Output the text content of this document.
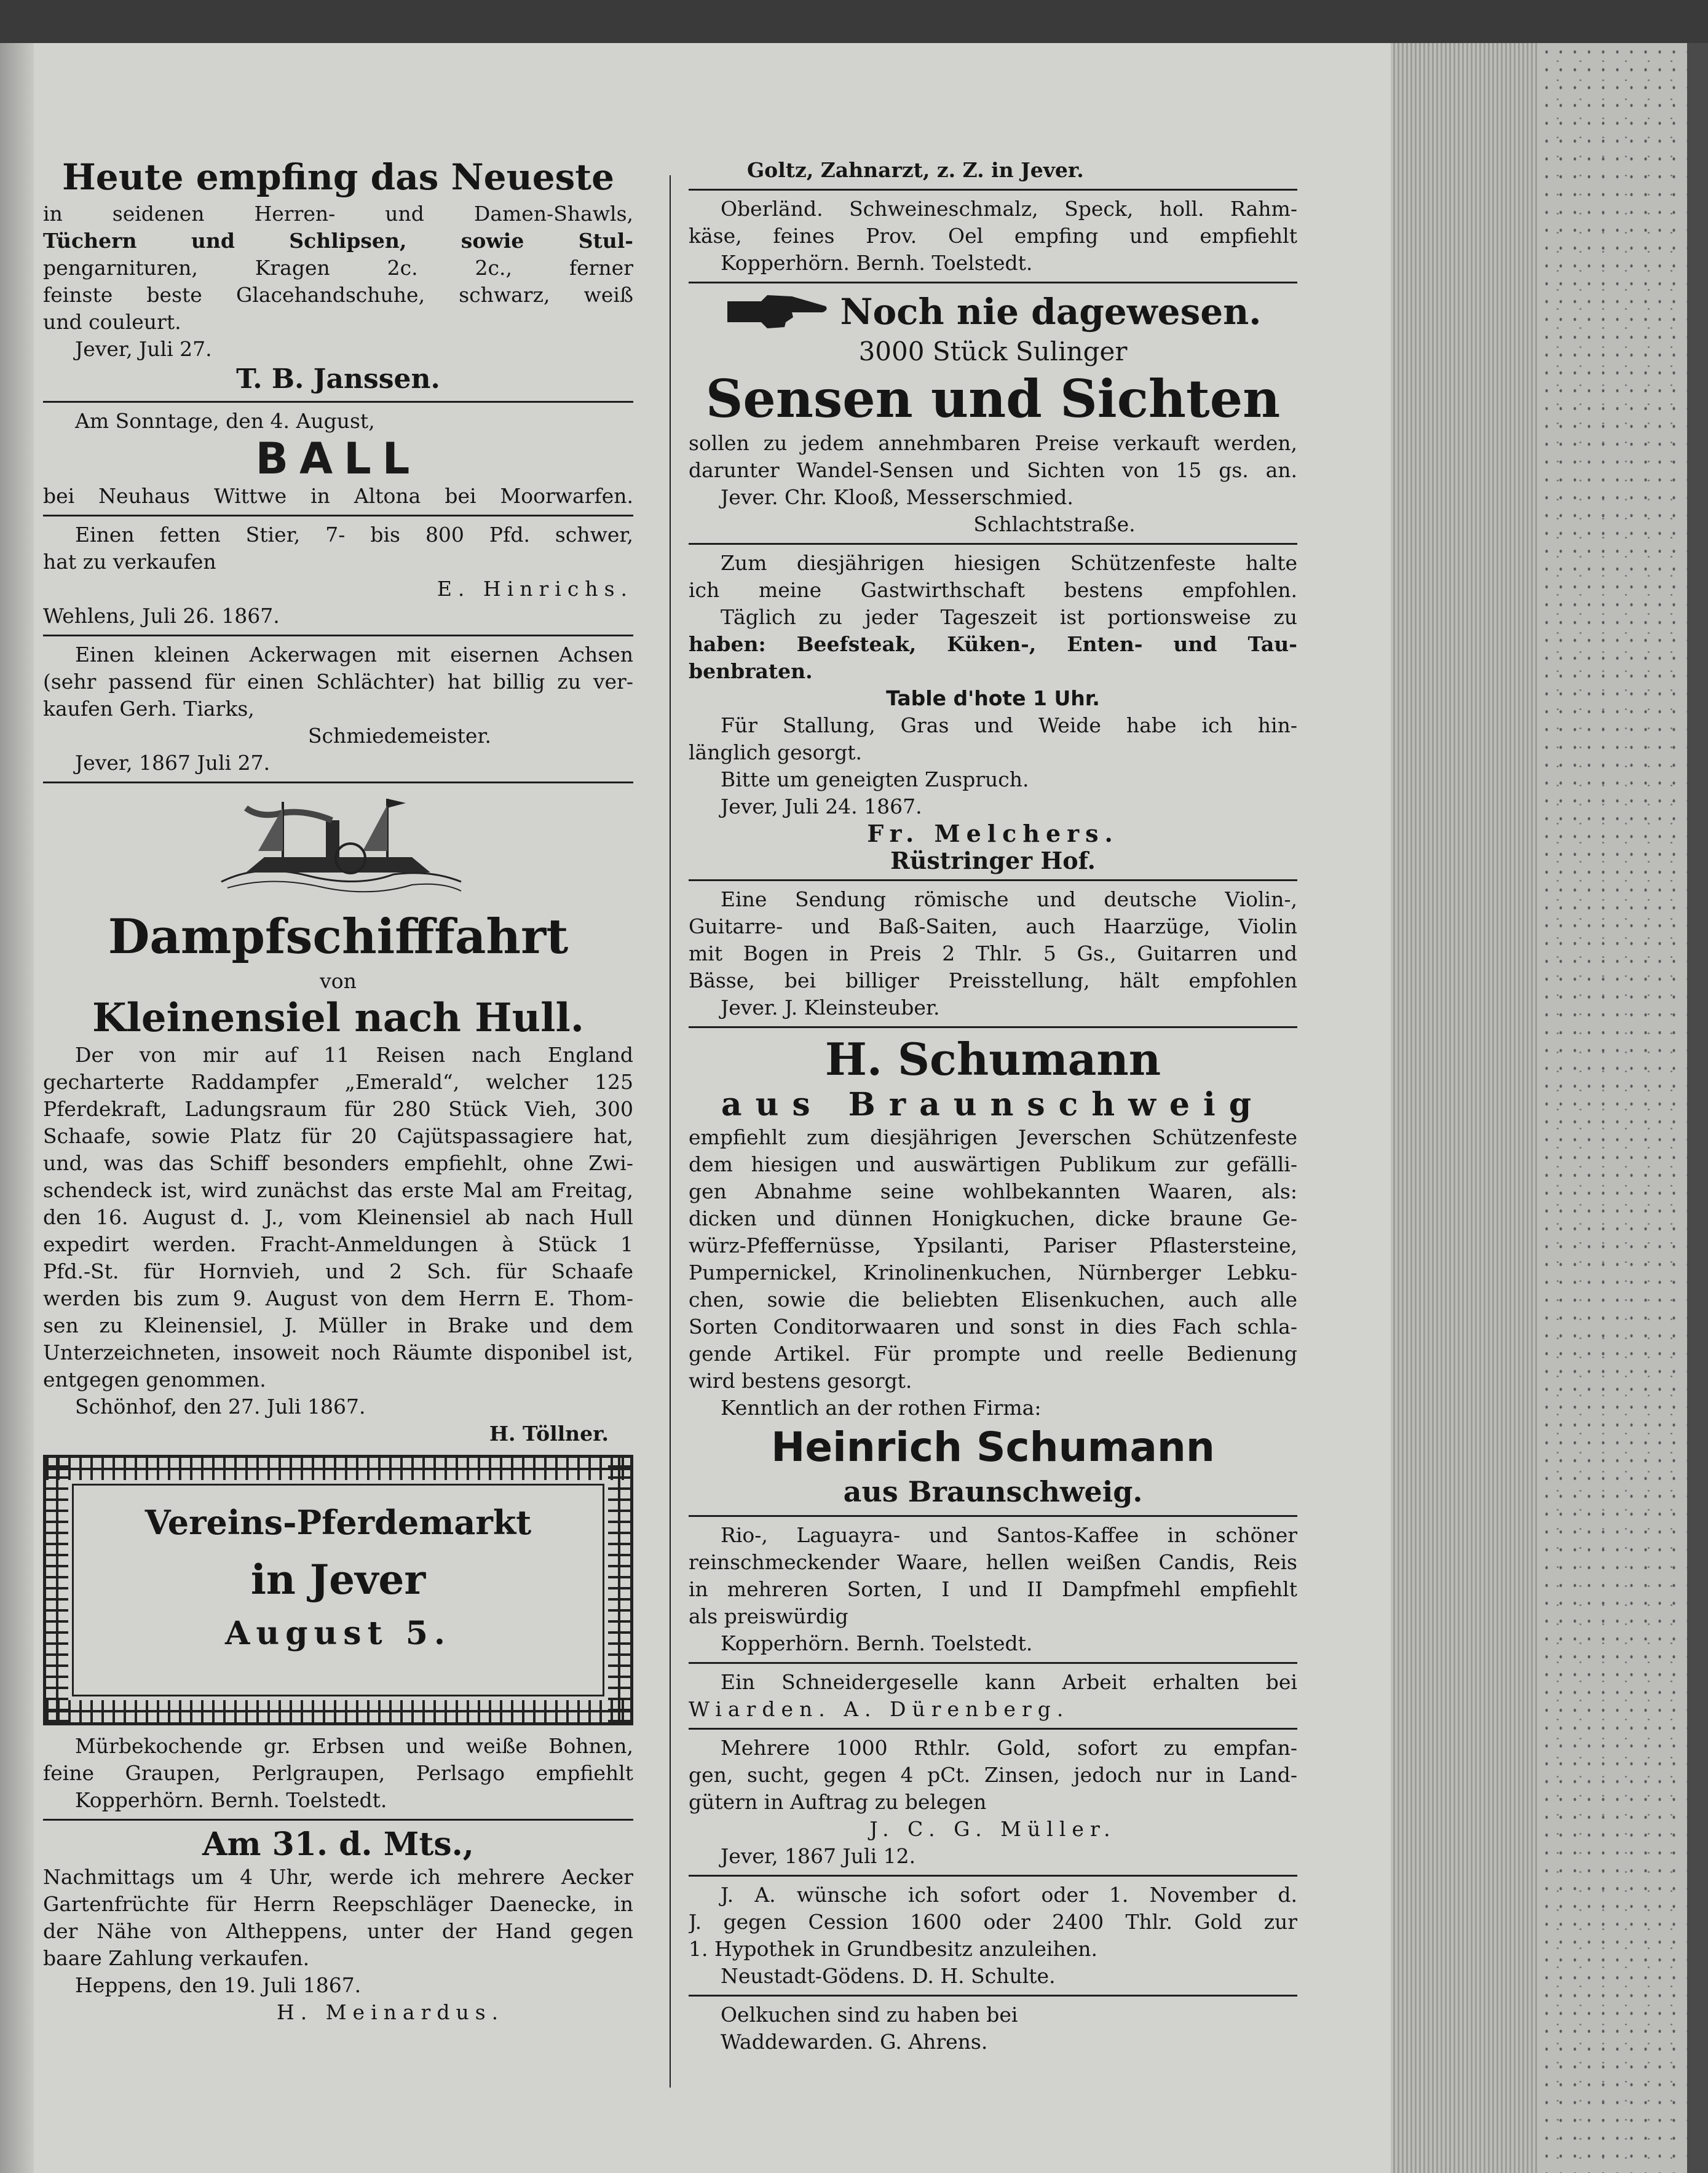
Heute empfing das Neueste
in seidenen Herren- und Damen-Shawls,
Tüchern und Schlipsen, sowie Stul-
pengarnituren, Kragen 2c. 2c., ferner
feinste beste Glacehandschuhe, schwarz, weiß
und couleurt.
Jever, Juli 27.
T. B. Janssen.
Am Sonntage, den 4. August,
BALL
bei Neuhaus Wittwe in Altona bei Moorwarfen.
Einen fetten Stier, 7- bis 800 Pfd. schwer,
hat zu verkaufen
E. Hinrichs.
Wehlens, Juli 26. 1867.
Einen kleinen Ackerwagen mit eisernen Achsen
(sehr passend für einen Schlächter) hat billig zu ver-
kaufen Gerh. Tiarks,
Schmiedemeister.
Jever, 1867 Juli 27.
Dampfschifffahrt
von
Kleinensiel nach Hull.
Der von mir auf 11 Reisen nach England
gecharterte Raddampfer „Emerald“, welcher 125
Pferdekraft, Ladungsraum für 280 Stück Vieh, 300
Schaafe, sowie Platz für 20 Cajütspassagiere hat,
und, was das Schiff besonders empfiehlt, ohne Zwi-
schendeck ist, wird zunächst das erste Mal am Freitag,
den 16. August d. J., vom Kleinensiel ab nach Hull
expedirt werden. Fracht-Anmeldungen à Stück 1
Pfd.-St. für Hornvieh, und 2 Sch. für Schaafe
werden bis zum 9. August von dem Herrn E. Thom-
sen zu Kleinensiel, J. Müller in Brake und dem
Unterzeichneten, insoweit noch Räumte disponibel ist,
entgegen genommen.
Schönhof, den 27. Juli 1867.
H. Töllner.
Vereins-Pferdemarkt
in Jever
August 5.
Mürbekochende gr. Erbsen und weiße Bohnen,
feine Graupen, Perlgraupen, Perlsago empfiehlt
Kopperhörn. Bernh. Toelstedt.
Am 31. d. Mts.,
Nachmittags um 4 Uhr, werde ich mehrere Aecker
Gartenfrüchte für Herrn Reepschläger Daenecke, in
der Nähe von Altheppens, unter der Hand gegen
baare Zahlung verkaufen.
Heppens, den 19. Juli 1867.
H. Meinardus.
Goltz, Zahnarzt, z. Z. in Jever.
Oberländ. Schweineschmalz, Speck, holl. Rahm-
käse, feines Prov. Oel empfing und empfiehlt
Kopperhörn. Bernh. Toelstedt.
Noch nie dagewesen.
3000 Stück Sulinger
Sensen und Sichten
sollen zu jedem annehmbaren Preise verkauft werden,
darunter Wandel-Sensen und Sichten von 15 gs. an.
Jever. Chr. Klooß, Messerschmied.
Schlachtstraße.
Zum diesjährigen hiesigen Schützenfeste halte
ich meine Gastwirthschaft bestens empfohlen.
Täglich zu jeder Tageszeit ist portionsweise zu
haben: Beefsteak, Küken-, Enten- und Tau-
benbraten.
Table d'hote 1 Uhr.
Für Stallung, Gras und Weide habe ich hin-
länglich gesorgt.
Bitte um geneigten Zuspruch.
Jever, Juli 24. 1867.
Fr. Melchers.
Rüstringer Hof.
Eine Sendung römische und deutsche Violin-,
Guitarre- und Baß-Saiten, auch Haarzüge, Violin
mit Bogen in Preis 2 Thlr. 5 Gs., Guitarren und
Bässe, bei billiger Preisstellung, hält empfohlen
Jever. J. Kleinsteuber.
H. Schumann
aus Braunschweig
empfiehlt zum diesjährigen Jeverschen Schützenfeste
dem hiesigen und auswärtigen Publikum zur gefälli-
gen Abnahme seine wohlbekannten Waaren, als:
dicken und dünnen Honigkuchen, dicke braune Ge-
würz-Pfeffernüsse, Ypsilanti, Pariser Pflastersteine,
Pumpernickel, Krinolinenkuchen, Nürnberger Lebku-
chen, sowie die beliebten Elisenkuchen, auch alle
Sorten Conditorwaaren und sonst in dies Fach schla-
gende Artikel. Für prompte und reelle Bedienung
wird bestens gesorgt.
Kenntlich an der rothen Firma:
Heinrich Schumann
aus Braunschweig.
Rio-, Laguayra- und Santos-Kaffee in schöner
reinschmeckender Waare, hellen weißen Candis, Reis
in mehreren Sorten, I und II Dampfmehl empfiehlt
als preiswürdig
Kopperhörn. Bernh. Toelstedt.
Ein Schneidergeselle kann Arbeit erhalten bei
Wiarden. A. Dürenberg.
Mehrere 1000 Rthlr. Gold, sofort zu empfan-
gen, sucht, gegen 4 pCt. Zinsen, jedoch nur in Land-
gütern in Auftrag zu belegen
J. C. G. Müller.
Jever, 1867 Juli 12.
J. A. wünsche ich sofort oder 1. November d.
J. gegen Cession 1600 oder 2400 Thlr. Gold zur
1. Hypothek in Grundbesitz anzuleihen.
Neustadt-Gödens. D. H. Schulte.
Oelkuchen sind zu haben bei
Waddewarden. G. Ahrens.
